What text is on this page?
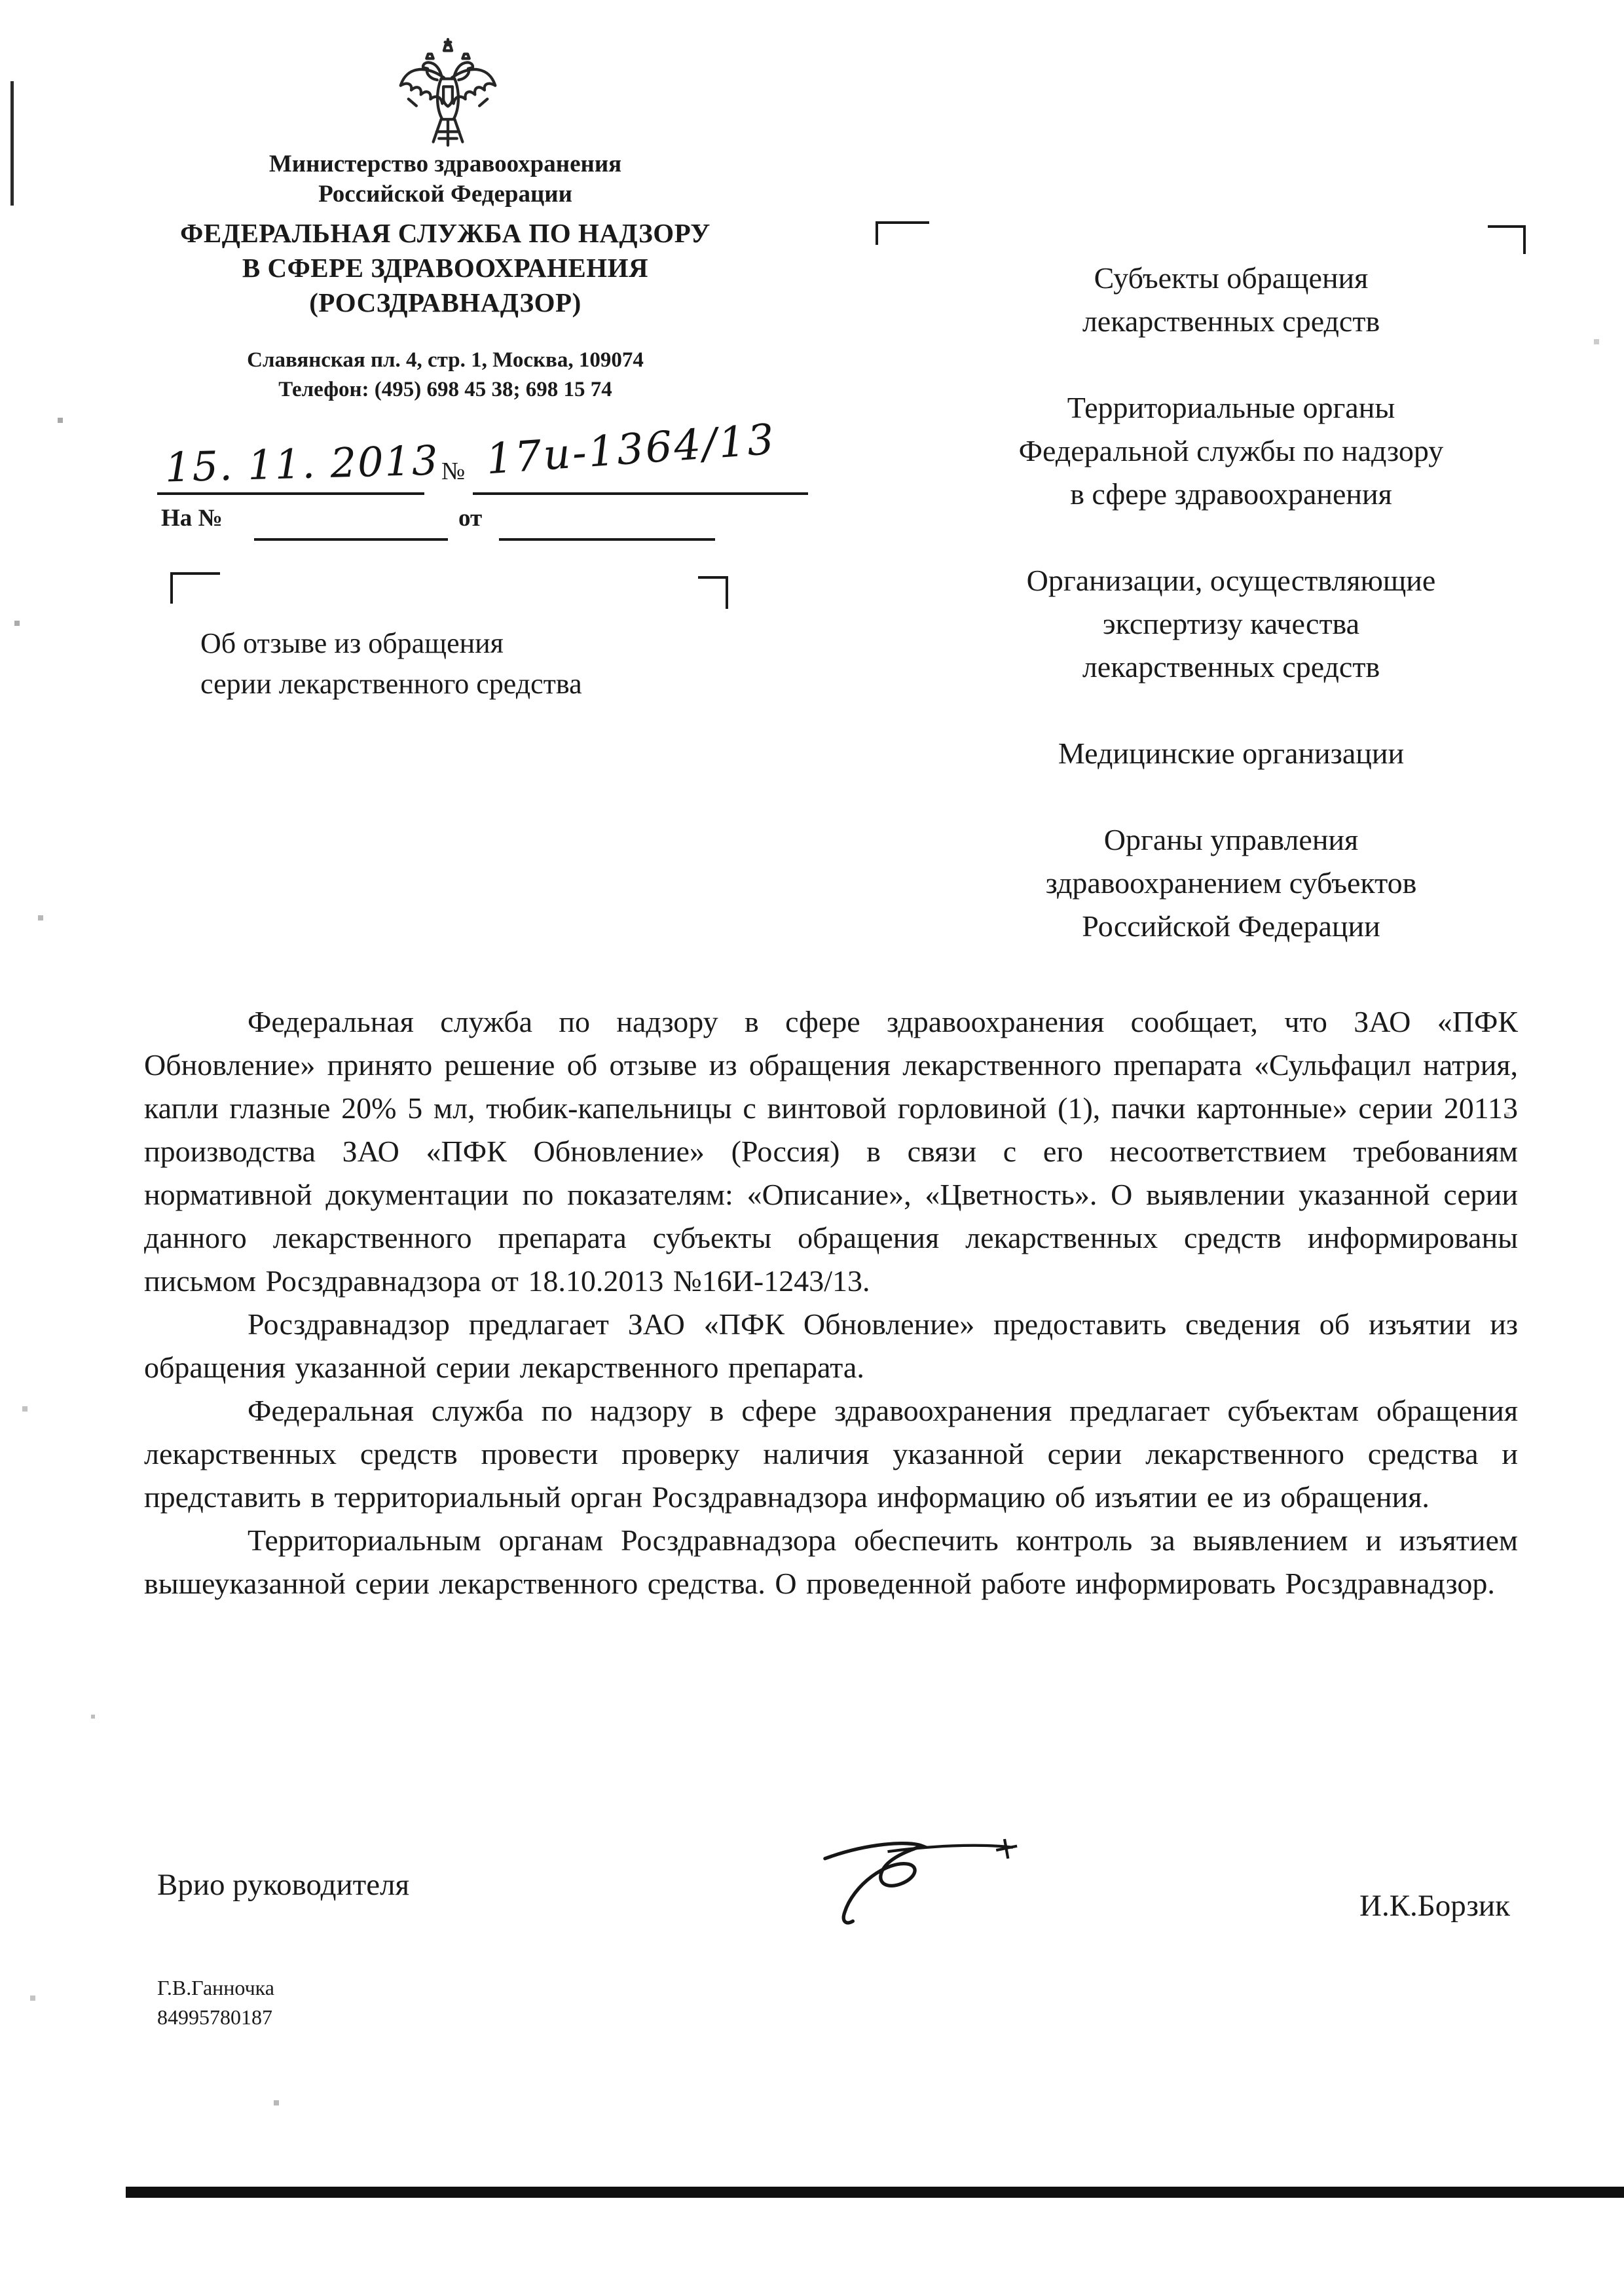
Министерство здравоохранения
Российской Федерации
ФЕДЕРАЛЬНАЯ СЛУЖБА ПО НАДЗОРУ
В СФЕРЕ ЗДРАВООХРАНЕНИЯ
(РОСЗДРАВНАДЗОР)
Славянская пл. 4, стр. 1, Москва, 109074
Телефон: (495) 698 45 38; 698 15 74
15. 11. 2013 № 17и-1364/13
На №	от
Об отзыве из обращения
серии лекарственного средства
Субъекты обращения
лекарственных средств
Территориальные органы
Федеральной службы по надзору
в сфере здравоохранения
Организации, осуществляющие
экспертизу качества
лекарственных средств
Медицинские организации
Органы управления
здравоохранением субъектов
Российской Федерации

Федеральная служба по надзору в сфере здравоохранения сообщает, что ЗАО «ПФК Обновление» принято решение об отзыве из обращения лекарственного препарата «Сульфацил натрия, капли глазные 20% 5 мл, тюбик-капельницы с винтовой горловиной (1), пачки картонные» серии 20113 производства ЗАО «ПФК Обновление» (Россия) в связи с его несоответствием требованиям нормативной документации по показателям: «Описание», «Цветность». О выявлении указанной серии данного лекарственного препарата субъекты обращения лекарственных средств информированы письмом Росздравнадзора от 18.10.2013 №16И-1243/13.

Росздравнадзор предлагает ЗАО «ПФК Обновление» предоставить сведения об изъятии из обращения указанной серии лекарственного препарата.

Федеральная служба по надзору в сфере здравоохранения предлагает субъектам обращения лекарственных средств провести проверку наличия указанной серии лекарственного средства и представить в территориальный орган Росздравнадзора информацию об изъятии ее из обращения.

Территориальным органам Росздравнадзора обеспечить контроль за выявлением и изъятием вышеуказанной серии лекарственного средства. О проведенной работе информировать Росздравнадзор.

Врио руководителя
И.К.Борзик
Г.В.Ганночка
84995780187
